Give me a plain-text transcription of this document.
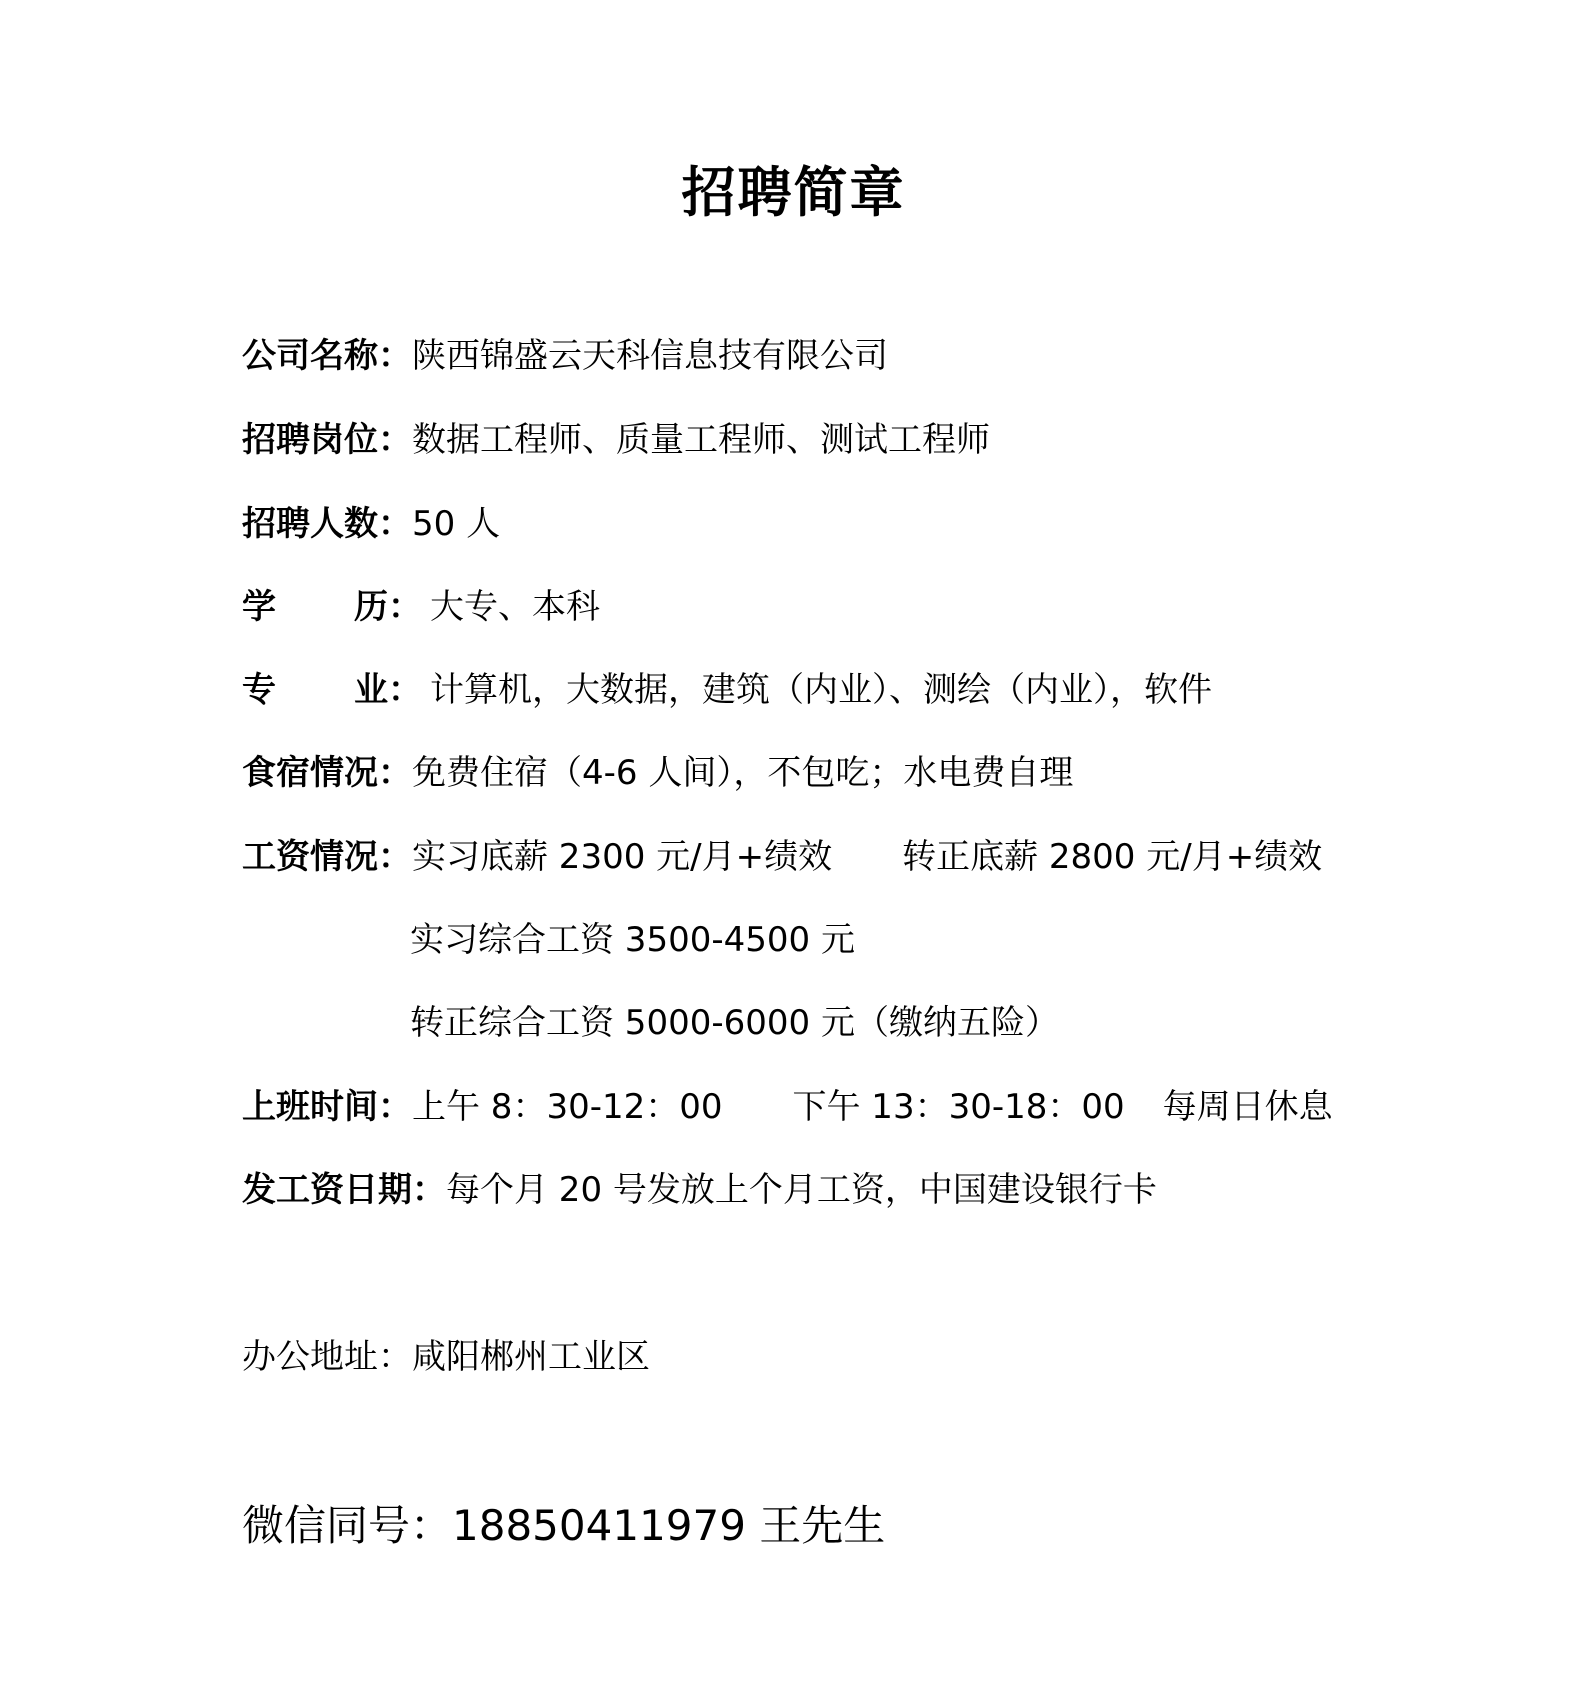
招聘简章
公司名称：陕西锦盛云天科信息技有限公司
招聘岗位：数据工程师、质量工程师、测试工程师
招聘人数：50 人
学 历： 大专、本科
专 业： 计算机，大数据，建筑（内业）、测绘（内业），软件
食宿情况：免费住宿（4-6 人间），不包吃；水电费自理
工资情况：实习底薪 2300 元/月+绩效 转正底薪 2800 元/月+绩效
实习综合工资 3500-4500 元
转正综合工资 5000-6000 元（缴纳五险）
上班时间：上午 8：30-12：00 下午 13：30-18：00 每周日休息
发工资日期：每个月 20 号发放上个月工资，中国建设银行卡
办公地址：咸阳郴州工业区
微信同号：18850411979 王先生
